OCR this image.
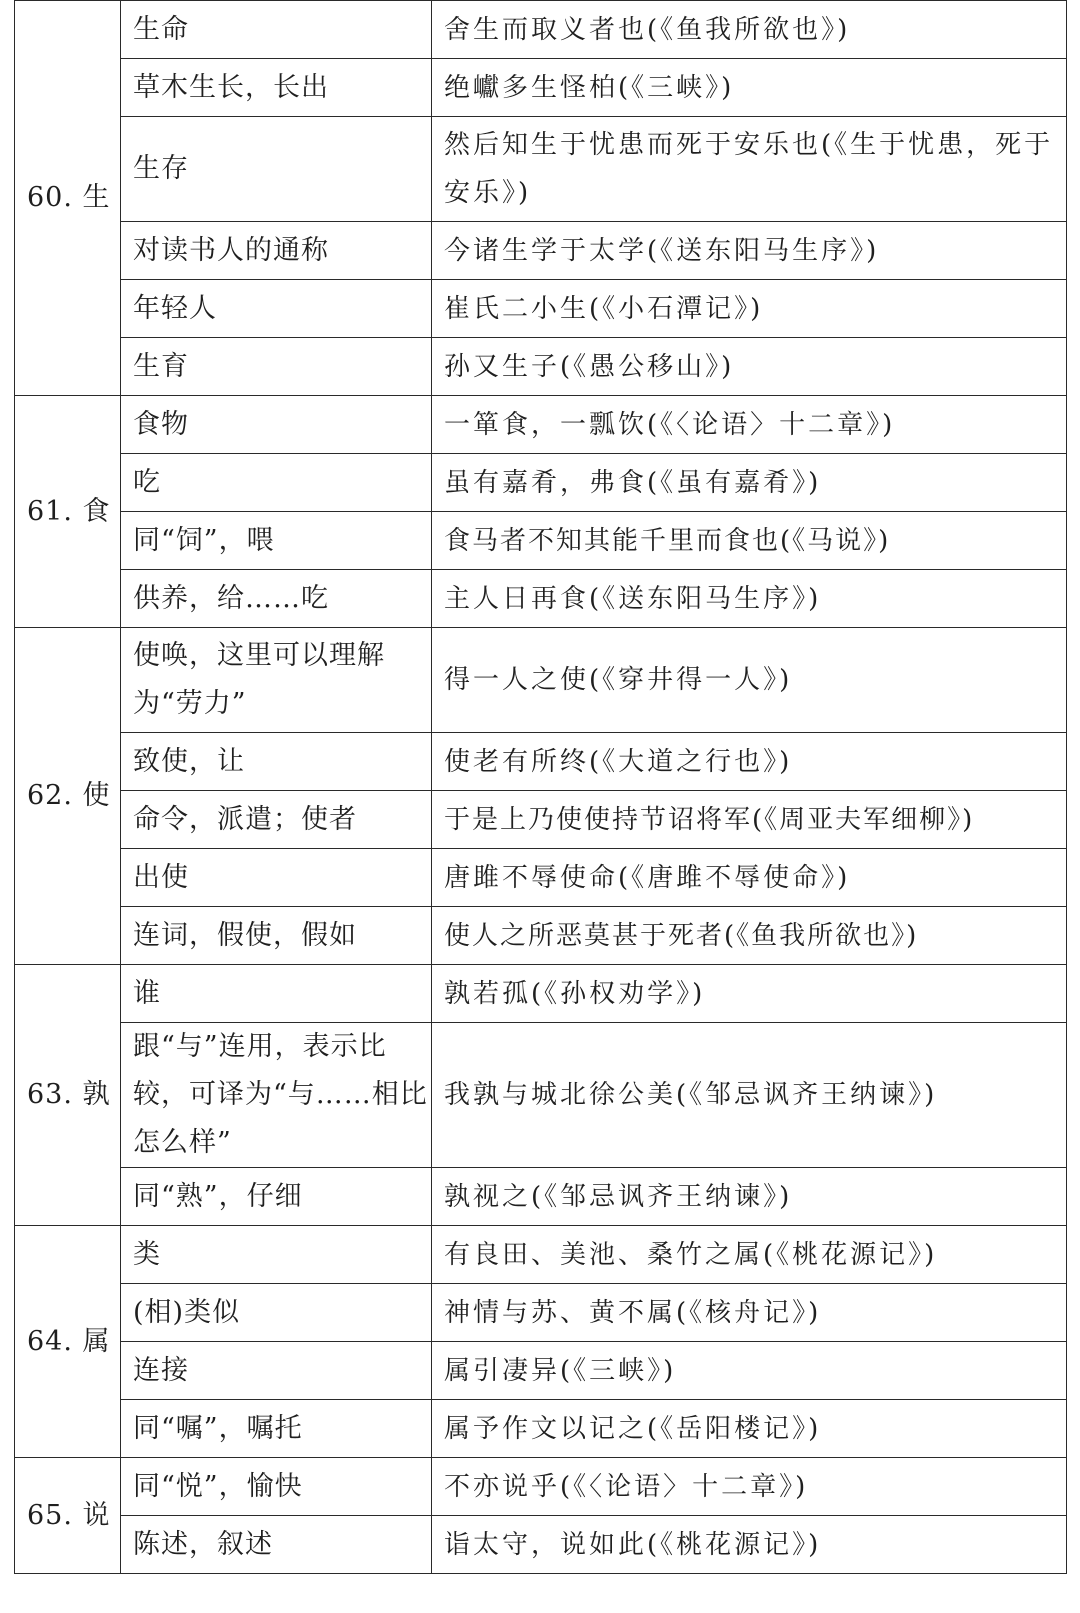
60. 生	生命	舍生而取义者也(《鱼我所欲也》)
	草木生长，长出	绝巘多生怪柏(《三峡》)
	生存	然后知生于忧患而死于安乐也(《生于忧患，死于安乐》)
	对读书人的通称	今诸生学于太学(《送东阳马生序》)
	年轻人	崔氏二小生(《小石潭记》)
	生育	孙又生子(《愚公移山》)
61. 食	食物	一箪食，一瓢饮(《〈论语〉十二章》)
	吃	虽有嘉肴，弗食(《虽有嘉肴》)
	同“饲”，喂	食马者不知其能千里而食也(《马说》)
	供养，给……吃	主人日再食(《送东阳马生序》)
62. 使	使唤，这里可以理解为“劳力”	得一人之使(《穿井得一人》)
	致使，让	使老有所终(《大道之行也》)
	命令，派遣；使者	于是上乃使使持节诏将军(《周亚夫军细柳》)
	出使	唐雎不辱使命(《唐雎不辱使命》)
	连词，假使，假如	使人之所恶莫甚于死者(《鱼我所欲也》)
63. 孰	谁	孰若孤(《孙权劝学》)
	跟“与”连用，表示比较，可译为“与……相比怎么样”	我孰与城北徐公美(《邹忌讽齐王纳谏》)
	同“熟”，仔细	孰视之(《邹忌讽齐王纳谏》)
64. 属	类	有良田、美池、桑竹之属(《桃花源记》)
	(相)类似	神情与苏、黄不属(《核舟记》)
	连接	属引凄异(《三峡》)
	同“嘱”，嘱托	属予作文以记之(《岳阳楼记》)
65. 说	同“悦”，愉快	不亦说乎(《〈论语〉十二章》)
	陈述，叙述	诣太守，说如此(《桃花源记》)
